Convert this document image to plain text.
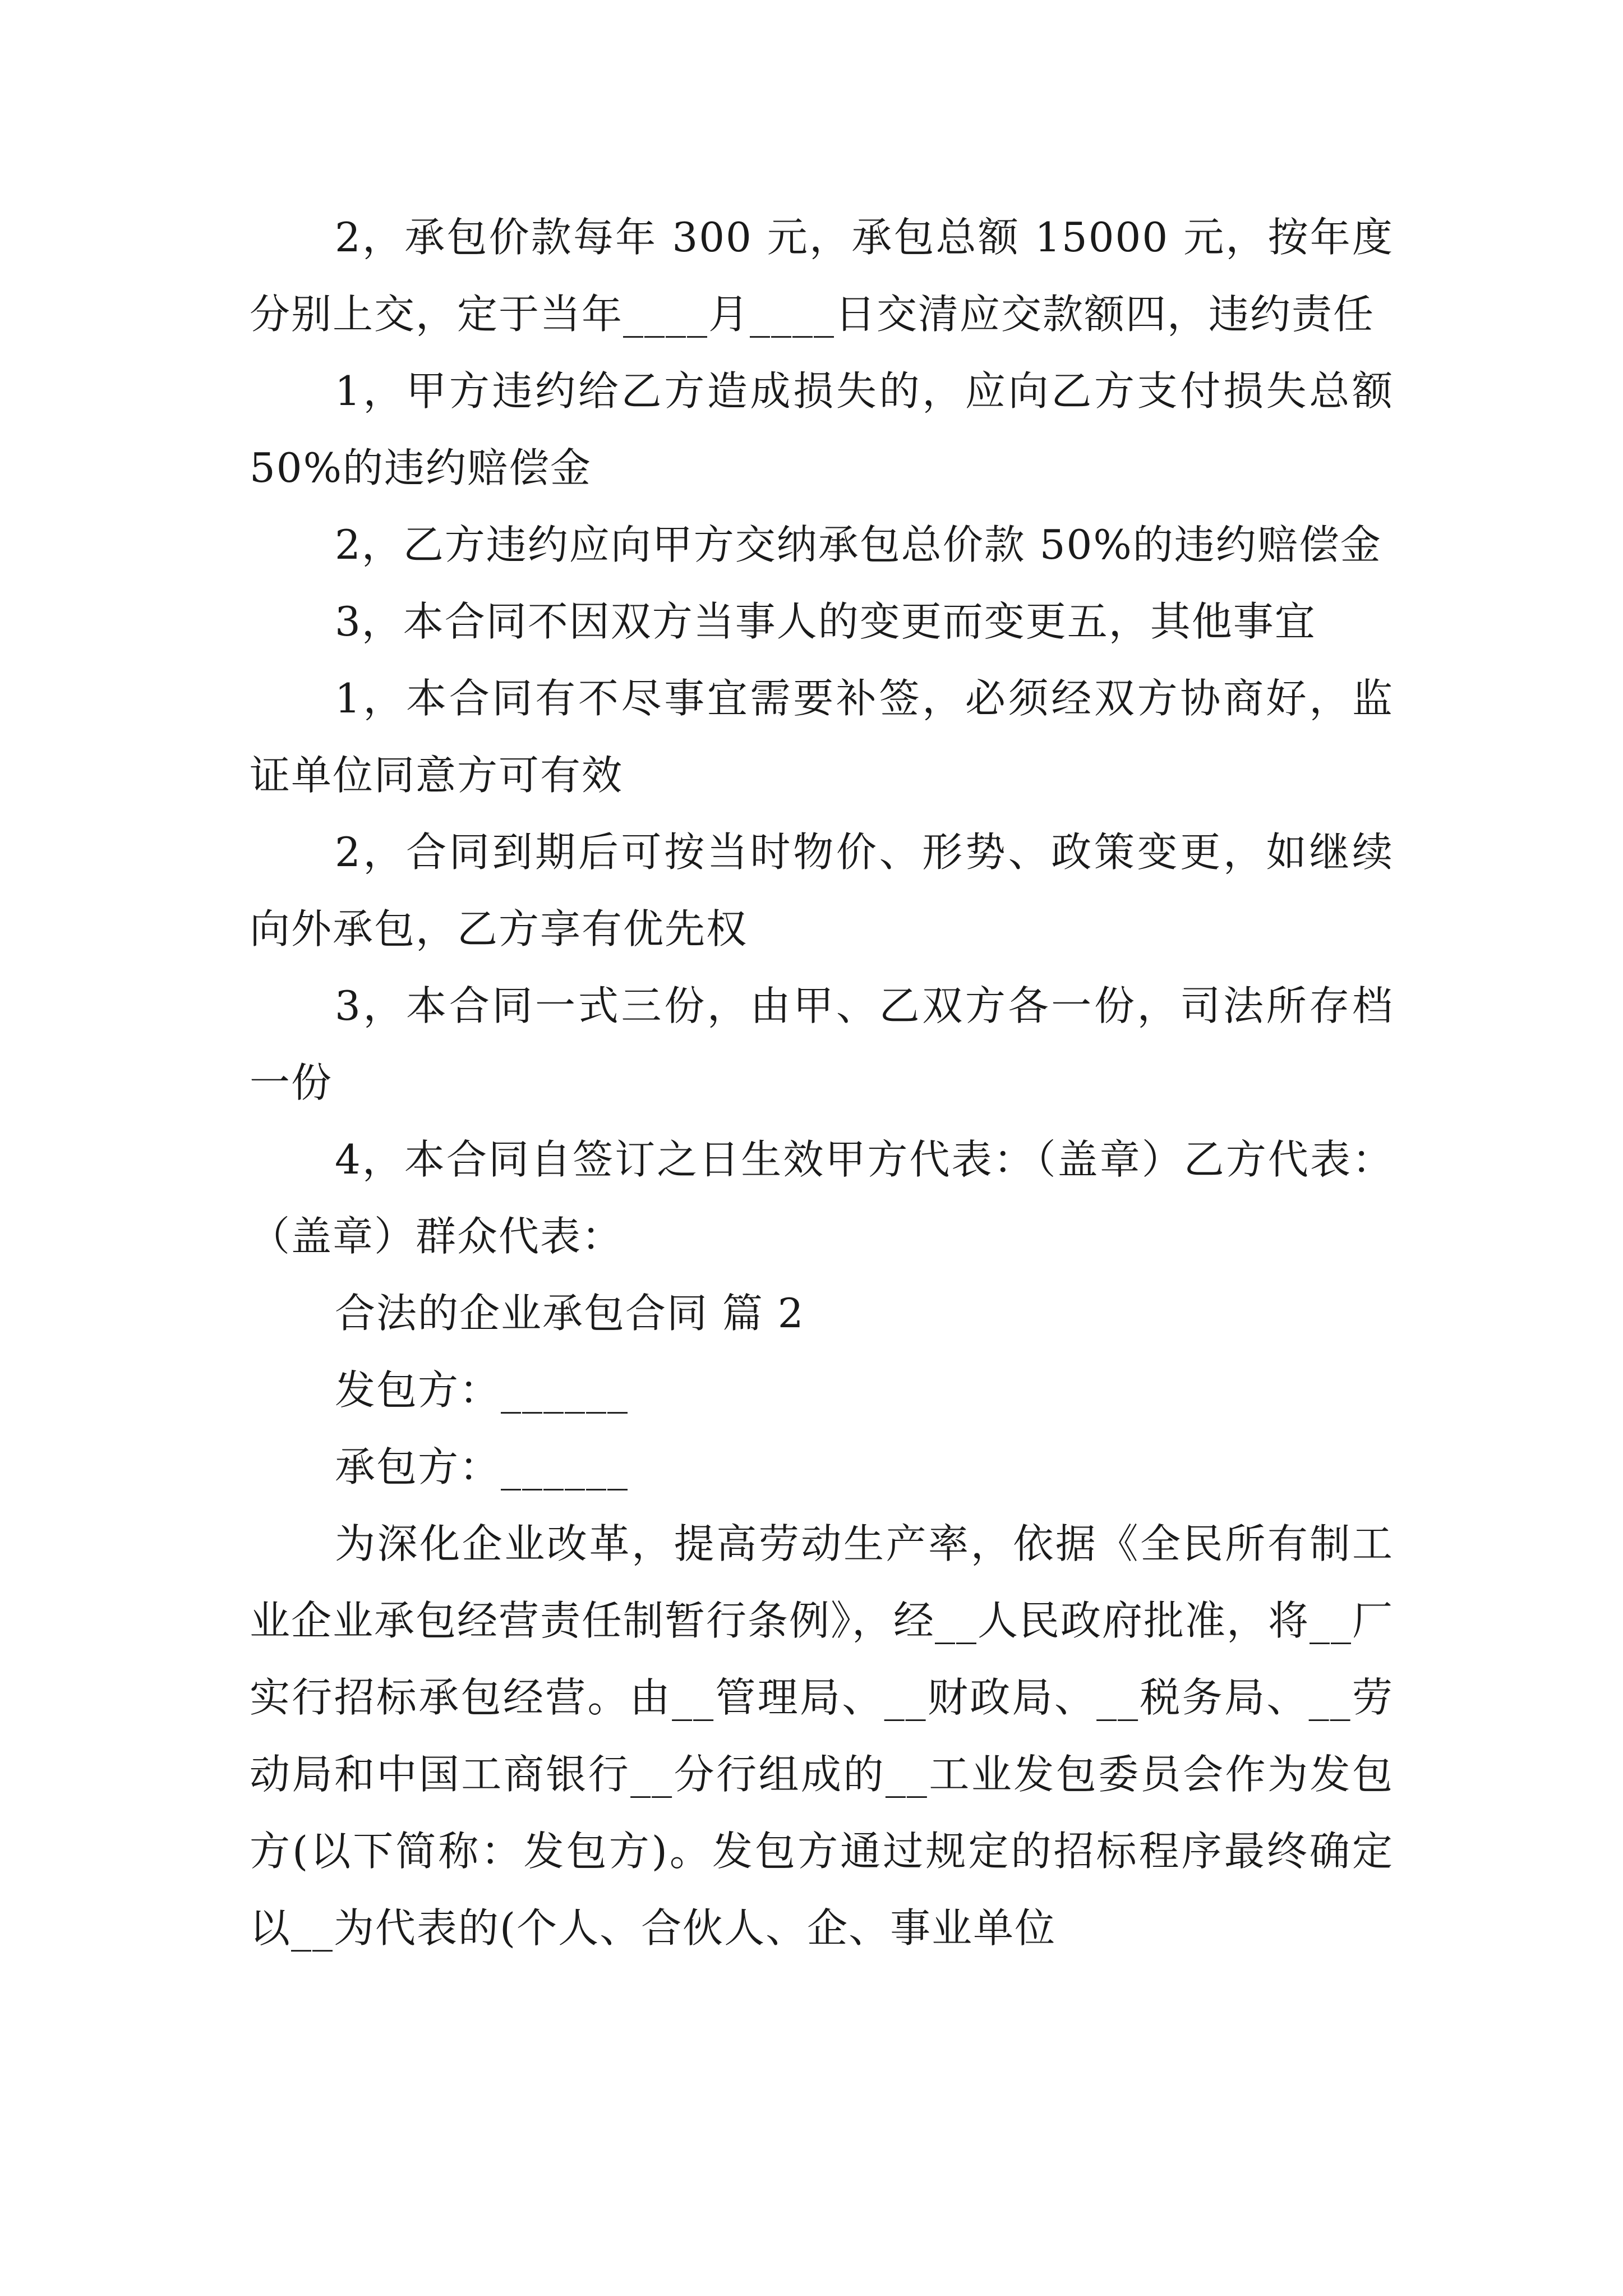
2，承包价款每年 300 元，承包总额 15000 元，按年度分别上交，定于当年____月____日交清应交款额四，违约责任

1，甲方违约给乙方造成损失的，应向乙方支付损失总额 50%的违约赔偿金

2，乙方违约应向甲方交纳承包总价款 50%的违约赔偿金

3，本合同不因双方当事人的变更而变更五，其他事宜

1，本合同有不尽事宜需要补签，必须经双方协商好，监证单位同意方可有效

2，合同到期后可按当时物价、形势、政策变更，如继续向外承包，乙方享有优先权

3，本合同一式三份，由甲、乙双方各一份，司法所存档一份

4，本合同自签订之日生效甲方代表：（盖章）乙方代表：（盖章）群众代表：

合法的企业承包合同 篇 2

发包方：______

承包方：______

为深化企业改革，提高劳动生产率，依据《全民所有制工业企业承包经营责任制暂行条例》，经__人民政府批准，将__厂实行招标承包经营。由__管理局、__财政局、__税务局、__劳动局和中国工商银行__分行组成的__工业发包委员会作为发包方(以下简称：发包方)。发包方通过规定的招标程序最终确定以__为代表的(个人、合伙人、企、事业单位
